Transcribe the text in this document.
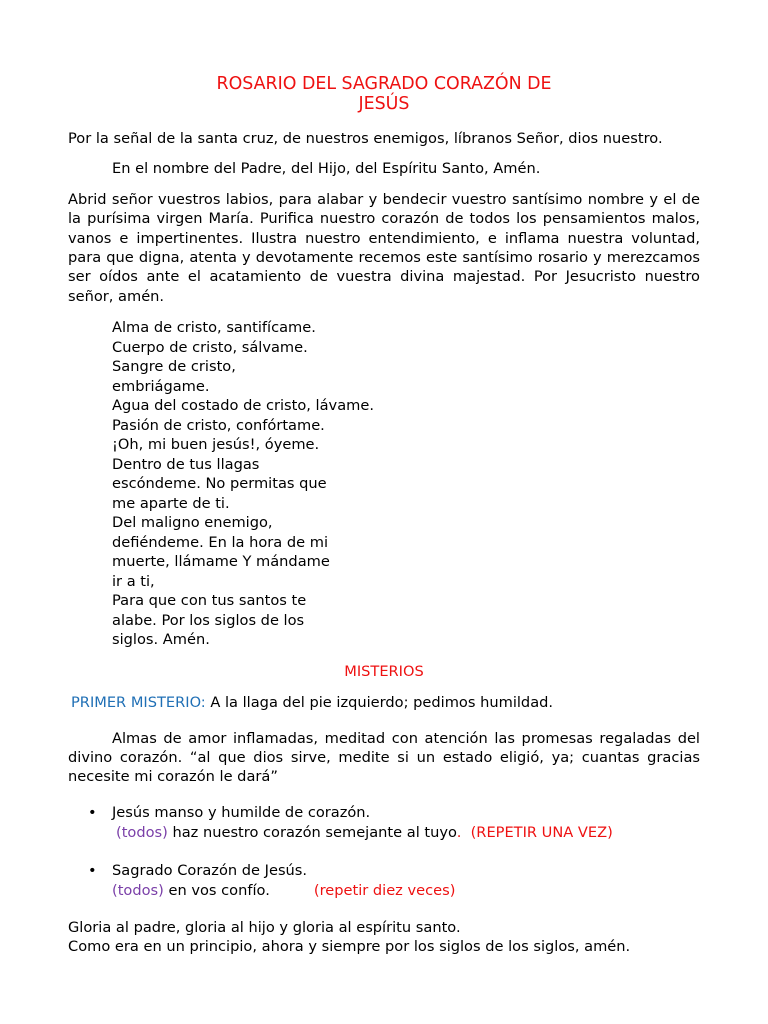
ROSARIO DEL SAGRADO CORAZÓN DE
JESÚS

Por la señal de la santa cruz, de nuestros enemigos, líbranos Señor, dios nuestro.

En el nombre del Padre, del Hijo, del Espíritu Santo, Amén.

Abrid señor vuestros labios, para alabar y bendecir vuestro santísimo nombre y el de la purísima virgen María. Purifica nuestro corazón de todos los pensamientos malos, vanos e impertinentes. Ilustra nuestro entendimiento, e inflama nuestra voluntad, para que digna, atenta y devotamente recemos este santísimo rosario y merezcamos ser oídos ante el acatamiento de vuestra divina majestad. Por Jesucristo nuestro señor, amén.

Alma de cristo, santifícame.
Cuerpo de cristo, sálvame.
Sangre de cristo,
embriágame.
Agua del costado de cristo, lávame.
Pasión de cristo, confórtame.
¡Oh, mi buen jesús!, óyeme.
Dentro de tus llagas
escóndeme. No permitas que
me aparte de ti.
Del maligno enemigo,
defiéndeme. En la hora de mi
muerte, llámame Y mándame
ir a ti,
Para que con tus santos te
alabe. Por los siglos de los
siglos. Amén.

MISTERIOS

PRIMER MISTERIO: A la llaga del pie izquierdo; pedimos humildad.

Almas de amor inflamadas, meditad con atención las promesas regaladas del divino corazón. “al que dios sirve, medite si un estado eligió, ya; cuantas gracias necesite mi corazón le dará”

• Jesús manso y humilde de corazón.
(todos) haz nuestro corazón semejante al tuyo. (REPETIR UNA VEZ)
• Sagrado Corazón de Jesús.
(todos) en vos confío.	(repetir diez veces)

Gloria al padre, gloria al hijo y gloria al espíritu santo.

Como era en un principio, ahora y siempre por los siglos de los siglos, amén.
